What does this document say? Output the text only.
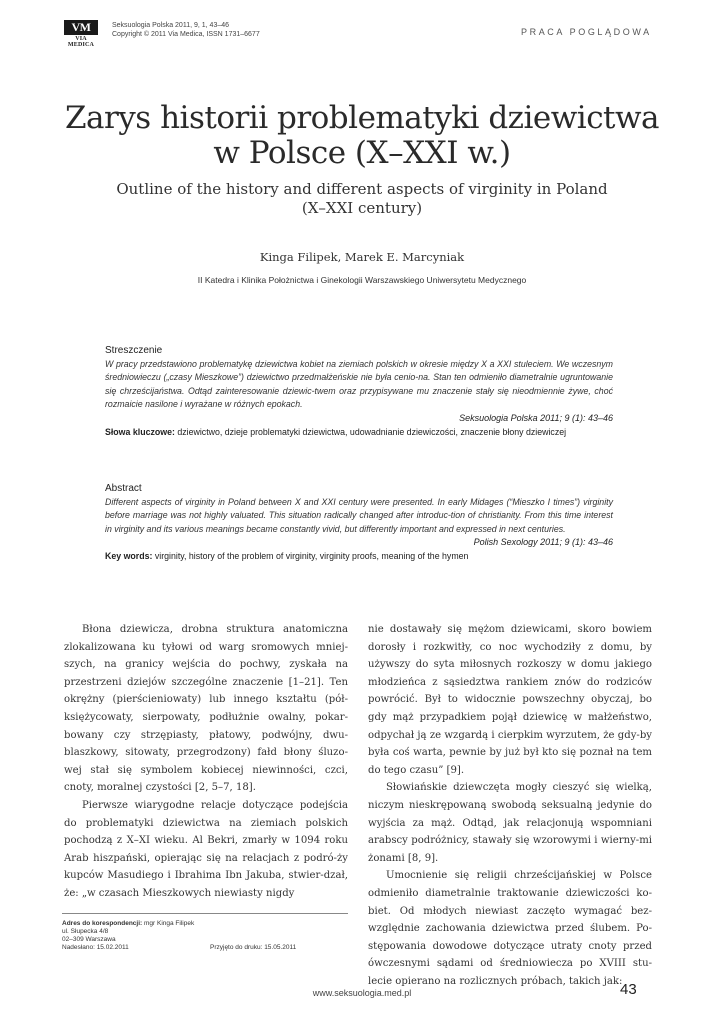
VM
VIA MEDICA
Seksuologia Polska 2011, 9, 1, 43–46
Copyright © 2011 Via Medica, ISSN 1731–6677	PRACA POGLĄDOWA
Zarys historii problematyki dziewictwa
w Polsce (X–XXI w.)
Outline of the history and different aspects of virginity in Poland
(X–XXI century)
Kinga Filipek, Marek E. Marcyniak
II Katedra i Klinika Położnictwa i Ginekologii Warszawskiego Uniwersytetu Medycznego
Streszczenie
W pracy przedstawiono problematykę dziewictwa kobiet na ziemiach polskich w okresie między X a XXI stuleciem. We wczesnym średniowieczu („czasy Mieszkowe”) dziewictwo przedmałżeńskie nie była cenio-na. Stan ten odmieniło diametralnie ugruntowanie się chrześcijaństwa. Odtąd zainteresowanie dziewic-twem oraz przypisywane mu znaczenie stały się nieodmiennie żywe, choć rozmaicie nasilone i wyrażane w różnych epokach.
Seksuologia Polska 2011; 9 (1): 43–46
Słowa kluczowe: dziewictwo, dzieje problematyki dziewictwa, udowadnianie dziewiczości, znaczenie błony dziewiczej
Abstract
Different aspects of virginity in Poland between X and XXI century were presented. In early Midages (“Mieszko I times”) virginity before marriage was not highly valuated. This situation radically changed after introduc-tion of christianity. From this time interest in virginity and its various meanings became constantly vivid, but differently important and expressed in next centuries.
Polish Sexology 2011; 9 (1): 43–46
Key words: virginity, history of the problem of virginity, virginity proofs, meaning of the hymen

Błona dziewicza, drobna struktura anatomiczna zlokalizowana ku tyłowi od warg sromowych mniej-szych, na granicy wejścia do pochwy, zyskała na przestrzeni dziejów szczególne znaczenie [1–21]. Ten okrężny (pierścieniowaty) lub innego kształtu (pół-księżycowaty, sierpowaty, podłużnie owalny, pokar-bowany czy strzępiasty, płatowy, podwójny, dwu-blaszkowy, sitowaty, przegrodzony) fałd błony śluzo-wej stał się symbolem kobiecej niewinności, czci, cnoty, moralnej czystości [2, 5–7, 18].

Pierwsze wiarygodne relacje dotyczące podejścia do problematyki dziewictwa na ziemiach polskich pochodzą z X–XI wieku. Al Bekri, zmarły w 1094 roku Arab hiszpański, opierając się na relacjach z podró-ży kupców Masudiego i Ibrahima Ibn Jakuba, stwier-dzał, że: „w czasach Mieszkowych niewiasty nigdy

nie dostawały się mężom dziewicami, skoro bowiem dorosły i rozkwitły, co noc wychodziły z domu, by używszy do syta miłosnych rozkoszy w domu jakiego młodzieńca z sąsiedztwa rankiem znów do rodziców powrócić. Był to widocznie powszechny obyczaj, bo gdy mąż przypadkiem pojął dziewicę w małżeństwo, odpychał ją ze wzgardą i cierpkim wyrzutem, że gdy-by była coś warta, pewnie by już był kto się poznał na tem do tego czasu” [9].

Słowiańskie dziewczęta mogły cieszyć się wielką, niczym nieskrępowaną swobodą seksualną jedynie do wyjścia za mąż. Odtąd, jak relacjonują wspomniani arabscy podróżnicy, stawały się wzorowymi i wierny-mi żonami [8, 9].

Umocnienie się religii chrześcijańskiej w Polsce odmieniło diametralnie traktowanie dziewiczości ko-biet. Od młodych niewiast zaczęto wymagać bez-względnie zachowania dziewictwa przed ślubem. Po-stępowania dowodowe dotyczące utraty cnoty przed ówczesnymi sądami od średniowiecza po XVIII stu-lecie opierano na rozlicznych próbach, takich jak:

Adres do korespondencji: mgr Kinga Filipek
ul. Słupecka 4/8
02–309 Warszawa
Nadesłano: 15.02.2011	Przyjęto do druku: 15.05.2011
www.seksuologia.med.pl	43
